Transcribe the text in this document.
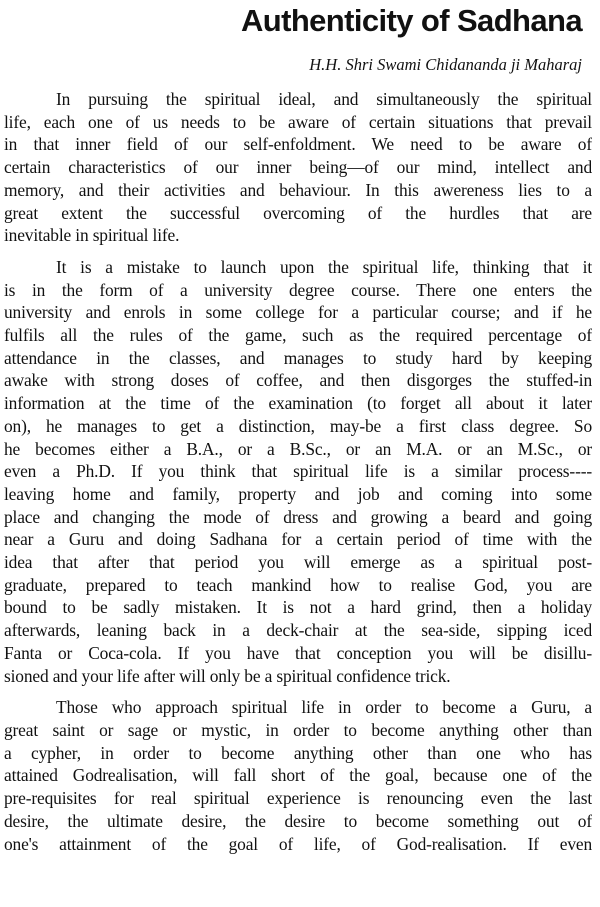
Authenticity of Sadhana
H.H. Shri Swami Chidananda ji Maharaj
In pursuing the spiritual ideal, and simultaneously the spiritual
life, each one of us needs to be aware of certain situations that prevail
in that inner field of our self-enfoldment. We need to be aware of
certain characteristics of our inner being—of our mind, intellect and
memory, and their activities and behaviour. In this awereness lies to a
great extent the successful overcoming of the hurdles that are
inevitable in spiritual life.
It is a mistake to launch upon the spiritual life, thinking that it
is in the form of a university degree course. There one enters the
university and enrols in some college for a particular course; and if he
fulfils all the rules of the game, such as the required percentage of
attendance in the classes, and manages to study hard by keeping
awake with strong doses of coffee, and then disgorges the stuffed-in
information at the time of the examination (to forget all about it later
on), he manages to get a distinction, may-be a first class degree. So
he becomes either a B.A., or a B.Sc., or an M.A. or an M.Sc., or
even a Ph.D. If you think that spiritual life is a similar process----
leaving home and family, property and job and coming into some
place and changing the mode of dress and growing a beard and going
near a Guru and doing Sadhana for a certain period of time with the
idea that after that period you will emerge as a spiritual post-
graduate, prepared to teach mankind how to realise God, you are
bound to be sadly mistaken. It is not a hard grind, then a holiday
afterwards, leaning back in a deck-chair at the sea-side, sipping iced
Fanta or Coca-cola. If you have that conception you will be disillu-
sioned and your life after will only be a spiritual confidence trick.
Those who approach spiritual life in order to become a Guru, a
great saint or sage or mystic, in order to become anything other than
a cypher, in order to become anything other than one who has
attained Godrealisation, will fall short of the goal, because one of the
pre-requisites for real spiritual experience is renouncing even the last
desire, the ultimate desire, the desire to become something out of
one's attainment of the goal of life, of God-realisation. If even
